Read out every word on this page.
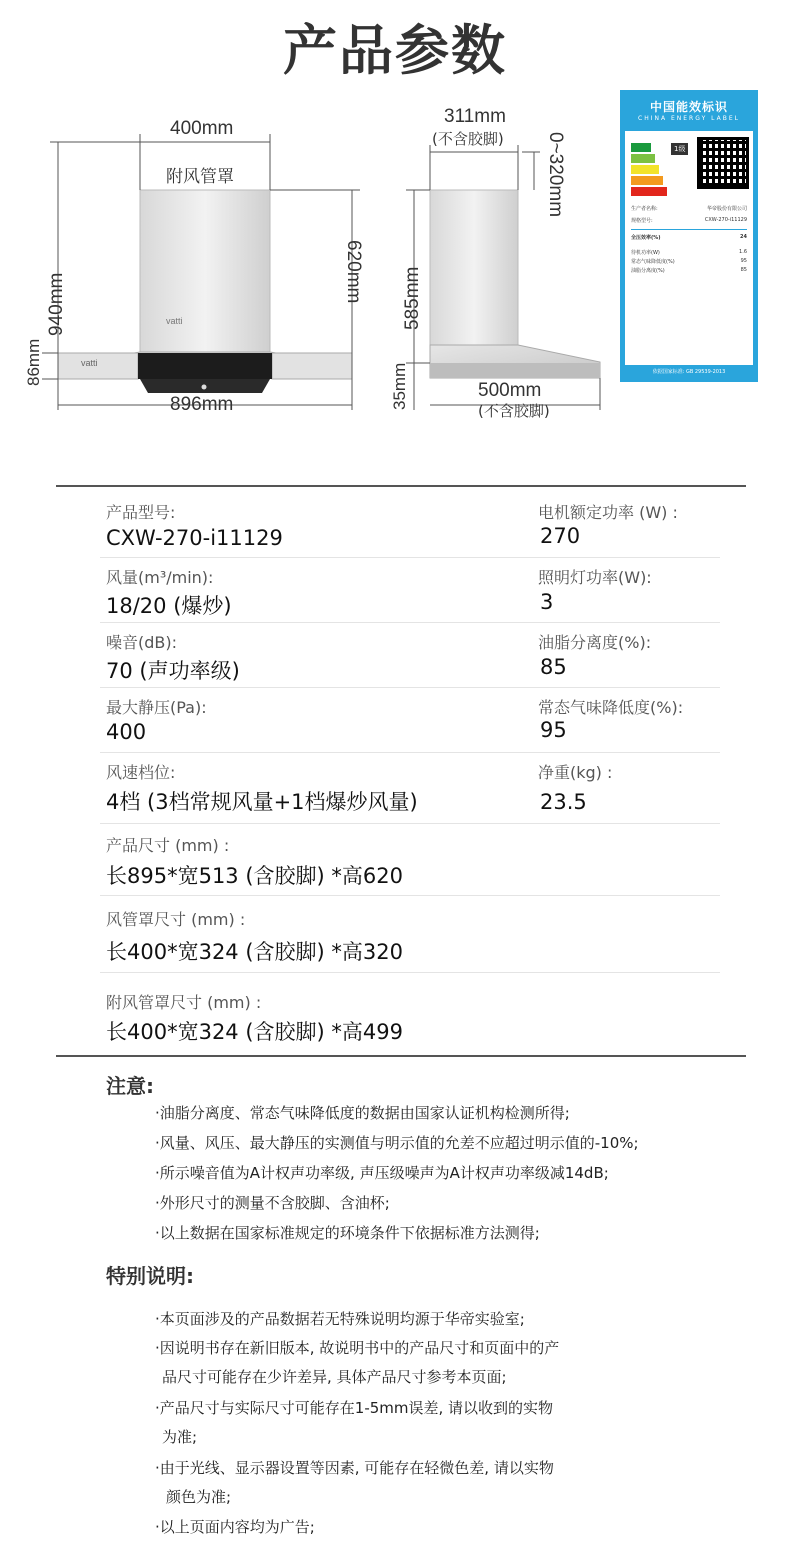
产品参数
400mm
附风管罩
940mm
620mm
86mm
896mm
vatti
vatti
311mm
(不含胶脚) 0~320mm
585mm
35mm	500mm
(不含胶脚)
中国能效标识
CHINA ENERGY LABEL
1级
生产者名称:	华帝股份有限公司
规格型号:	CXW-270-i11129
全压效率(%)	24
待机功率(W)	1.6
常态气味降低度(%)	95
油脂分离度(%)	85
依据国家标准: GB 29539-2013
产品型号:
CXW-270-i11129
电机额定功率 (W) :
270
风量(m³/min):
18/20 (爆炒)
照明灯功率(W):
3
噪音(dB):
70 (声功率级)
油脂分离度(%):
85
最大静压(Pa):
400
常态气味降低度(%):
95
风速档位:
4档 (3档常规风量+1档爆炒风量)
净重(kg) :
23.5
产品尺寸 (mm) :
长895*宽513 (含胶脚) *高620
风管罩尺寸 (mm) :
长400*宽324 (含胶脚) *高320
附风管罩尺寸 (mm) :
长400*宽324 (含胶脚) *高499
注意:
·油脂分离度、常态气味降低度的数据由国家认证机构检测所得;
·风量、风压、最大静压的实测值与明示值的允差不应超过明示值的-10%;
·所示噪音值为A计权声功率级, 声压级噪声为A计权声功率级减14dB;
·外形尺寸的测量不含胶脚、含油杯;
·以上数据在国家标准规定的环境条件下依据标准方法测得;
特别说明:
·本页面涉及的产品数据若无特殊说明均源于华帝实验室;
·因说明书存在新旧版本, 故说明书中的产品尺寸和页面中的产
品尺寸可能存在少许差异, 具体产品尺寸参考本页面;
·产品尺寸与实际尺寸可能存在1-5mm误差, 请以收到的实物
为准;
·由于光线、显示器设置等因素, 可能存在轻微色差, 请以实物
颜色为准;
·以上页面内容均为广告;
